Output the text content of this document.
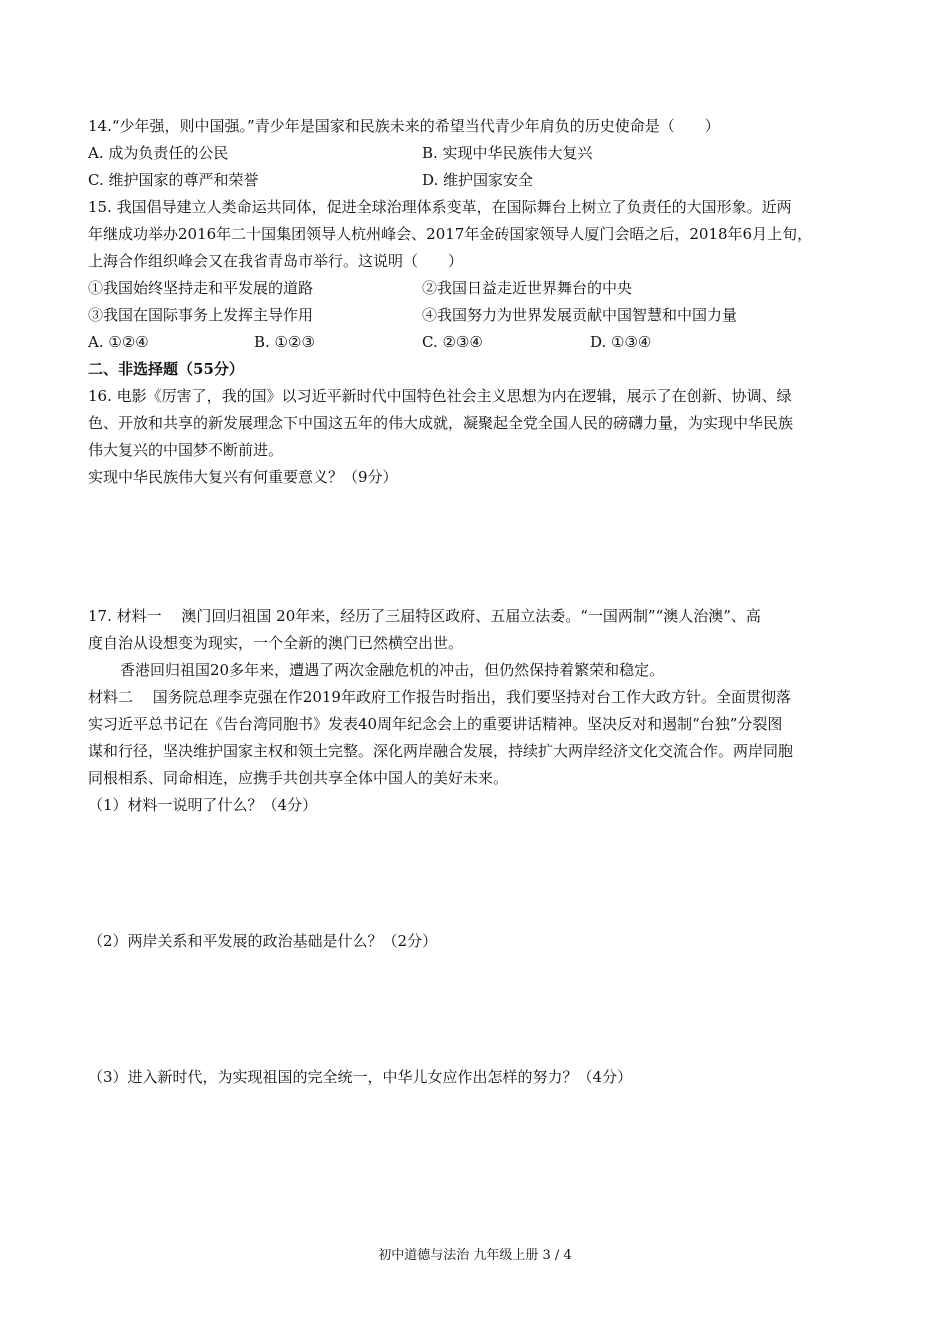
14.“少年强，则中国强。”青少年是国家和民族未来的希望当代青少年肩负的历史使命是（　　）
A. 成为负责任的公民	B. 实现中华民族伟大复兴
C. 维护国家的尊严和荣誉	D. 维护国家安全
15. 我国倡导建立人类命运共同体，促进全球治理体系变革，在国际舞台上树立了负责任的大国形象。近两
年继成功举办2016年二十国集团领导人杭州峰会、2017年金砖国家领导人厦门会晤之后，2018年6月上旬，
上海合作组织峰会又在我省青岛市举行。这说明（　　）
①我国始终坚持走和平发展的道路	②我国日益走近世界舞台的中央
③我国在国际事务上发挥主导作用	④我国努力为世界发展贡献中国智慧和中国力量
A. ①②④	B. ①②③	C. ②③④	D. ①③④
二、非选择题（55分）
16. 电影《厉害了，我的国》以习近平新时代中国特色社会主义思想为内在逻辑，展示了在创新、协调、绿
色、开放和共享的新发展理念下中国这五年的伟大成就，凝聚起全党全国人民的磅礴力量，为实现中华民族
伟大复兴的中国梦不断前进。
实现中华民族伟大复兴有何重要意义？（9分）
17. 材料一　 澳门回归祖国 20年来，经历了三届特区政府、五届立法委。“一国两制”“澳人治澳”、高
度自治从设想变为现实，一个全新的澳门已然横空出世。
香港回归祖国20多年来，遭遇了两次金融危机的冲击，但仍然保持着繁荣和稳定。
材料二　 国务院总理李克强在作2019年政府工作报告时指出，我们要坚持对台工作大政方针。全面贯彻落
实习近平总书记在《告台湾同胞书》发表40周年纪念会上的重要讲话精神。坚决反对和遏制“台独”分裂图
谋和行径，坚决维护国家主权和领土完整。深化两岸融合发展，持续扩大两岸经济文化交流合作。两岸同胞
同根相系、同命相连，应携手共创共享全体中国人的美好未来。
（1）材料一说明了什么？（4分）
（2）两岸关系和平发展的政治基础是什么？（2分）
（3）进入新时代，为实现祖国的完全统一，中华儿女应作出怎样的努力？（4分）
初中道德与法治 九年级上册 3 / 4
